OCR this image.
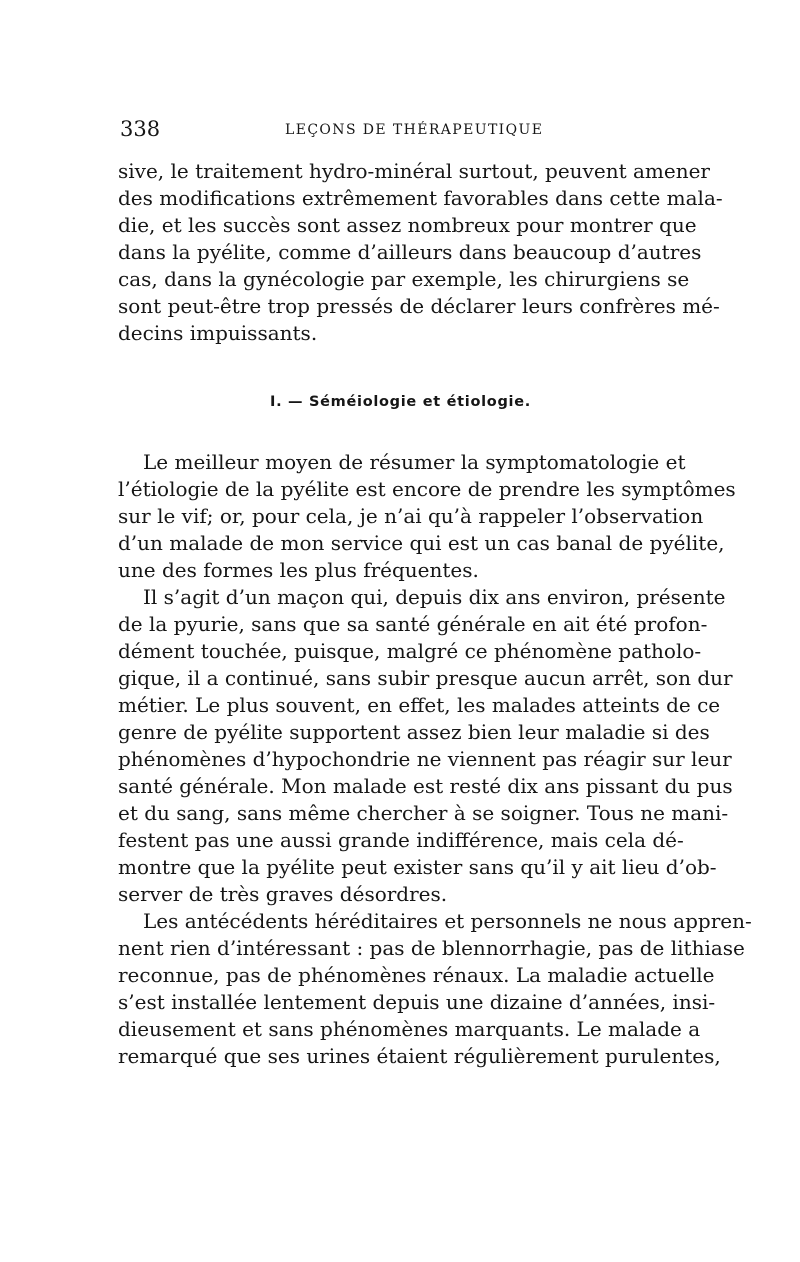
338	LEÇONS DE THÉRAPEUTIQUE
sive, le traitement hydro-minéral surtout, peuvent amener
des modifications extrêmement favorables dans cette mala-
die, et les succès sont assez nombreux pour montrer que
dans la pyélite, comme d’ailleurs dans beaucoup d’autres
cas, dans la gynécologie par exemple, les chirurgiens se
sont peut-être trop pressés de déclarer leurs confrères mé-
decins impuissants.
I. — Séméiologie et étiologie.
Le meilleur moyen de résumer la symptomatologie et
l’étiologie de la pyélite est encore de prendre les symptômes
sur le vif; or, pour cela, je n’ai qu’à rappeler l’observation
d’un malade de mon service qui est un cas banal de pyélite,
une des formes les plus fréquentes.
Il s’agit d’un maçon qui, depuis dix ans environ, présente
de la pyurie, sans que sa santé générale en ait été profon-
dément touchée, puisque, malgré ce phénomène patholo-
gique, il a continué, sans subir presque aucun arrêt, son dur
métier. Le plus souvent, en effet, les malades atteints de ce
genre de pyélite supportent assez bien leur maladie si des
phénomènes d’hypochondrie ne viennent pas réagir sur leur
santé générale. Mon malade est resté dix ans pissant du pus
et du sang, sans même chercher à se soigner. Tous ne mani-
festent pas une aussi grande indifférence, mais cela dé-
montre que la pyélite peut exister sans qu’il y ait lieu d’ob-
server de très graves désordres.
Les antécédents héréditaires et personnels ne nous appren-
nent rien d’intéressant : pas de blennorrhagie, pas de lithiase
reconnue, pas de phénomènes rénaux. La maladie actuelle
s’est installée lentement depuis une dizaine d’années, insi-
dieusement et sans phénomènes marquants. Le malade a
remarqué que ses urines étaient régulièrement purulentes,
